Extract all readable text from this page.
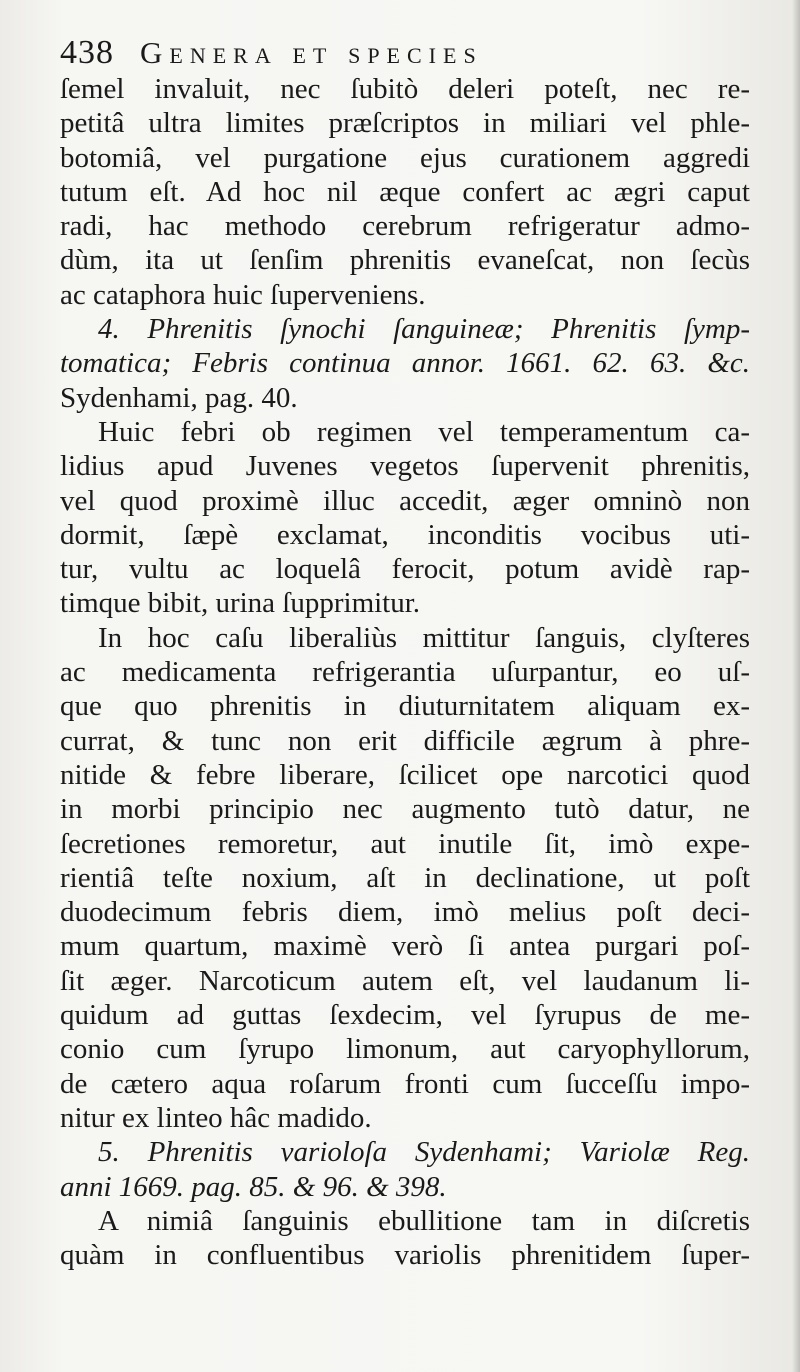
438 Genera et species
ſemel invaluit, nec ſubitò deleri poteſt, nec re-
petitâ ultra limites præſcriptos in miliari vel phle-
botomiâ, vel purgatione ejus curationem aggredi
tutum eſt. Ad hoc nil æque confert ac ægri caput
radi, hac methodo cerebrum refrigeratur admo-
dùm, ita ut ſenſim phrenitis evaneſcat, non ſecùs
ac cataphora huic ſuperveniens.
4. Phrenitis ſynochi ſanguineæ; Phrenitis ſymp-
tomatica; Febris continua annor. 1661. 62. 63. &c.
Sydenhami, pag. 40.
Huic febri ob regimen vel temperamentum ca-
lidius apud Juvenes vegetos ſupervenit phrenitis,
vel quod proximè illuc accedit, æger omninò non
dormit, ſæpè exclamat, inconditis vocibus uti-
tur, vultu ac loquelâ ferocit, potum avidè rap-
timque bibit, urina ſupprimitur.
In hoc caſu liberaliùs mittitur ſanguis, clyſteres
ac medicamenta refrigerantia uſurpantur, eo uſ-
que quo phrenitis in diuturnitatem aliquam ex-
currat, & tunc non erit difficile ægrum à phre-
nitide & febre liberare, ſcilicet ope narcotici quod
in morbi principio nec augmento tutò datur, ne
ſecretiones remoretur, aut inutile ſit, imò expe-
rientiâ teſte noxium, aſt in declinatione, ut poſt
duodecimum febris diem, imò melius poſt deci-
mum quartum, maximè verò ſi antea purgari poſ-
ſit æger. Narcoticum autem eſt, vel laudanum li-
quidum ad guttas ſexdecim, vel ſyrupus de me-
conio cum ſyrupo limonum, aut caryophyllorum,
de cætero aqua roſarum fronti cum ſucceſſu impo-
nitur ex linteo hâc madido.
5. Phrenitis varioloſa Sydenhami; Variolæ Reg.
anni 1669. pag. 85. & 96. & 398.
A nimiâ ſanguinis ebullitione tam in diſcretis
quàm in confluentibus variolis phrenitidem ſuper-
